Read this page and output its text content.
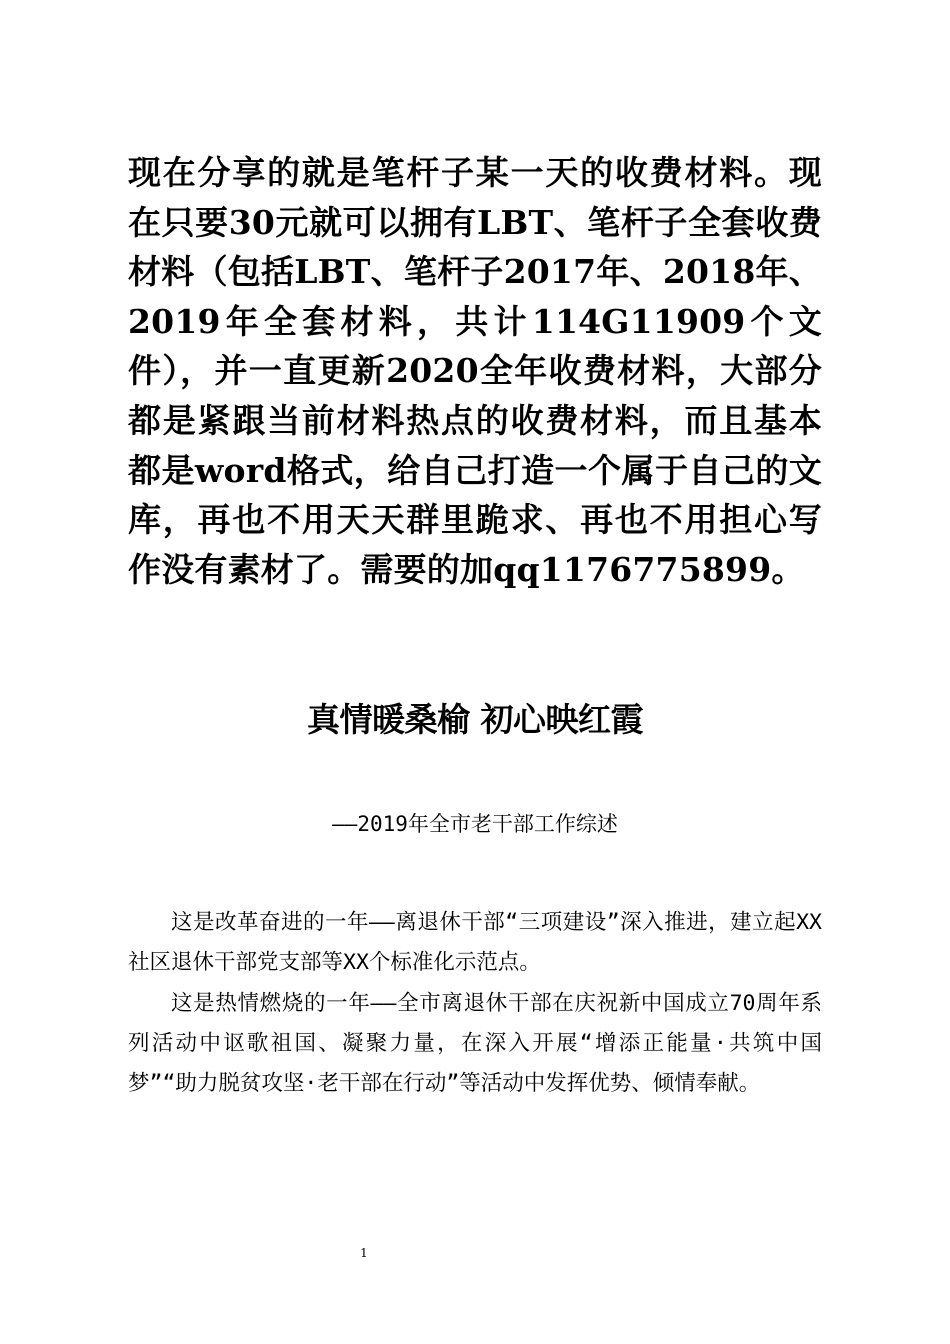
现在分享的就是笔杆子某一天的收费材料。现在只要30元就可以拥有LBT、笔杆子全套收费材料（包括LBT、笔杆子2017年、2018年、2019年全套材料，共计114G11909个文件），并一直更新2020全年收费材料，大部分都是紧跟当前材料热点的收费材料，而且基本都是word格式，给自己打造一个属于自己的文库，再也不用天天群里跪求、再也不用担心写作没有素材了。需要的加qq1176775899。

真情暖桑榆 初心映红霞

——2019年全市老干部工作综述

这是改革奋进的一年——离退休干部“三项建设”深入推进，建立起XX社区退休干部党支部等XX个标准化示范点。

这是热情燃烧的一年——全市离退休干部在庆祝新中国成立70周年系列活动中讴歌祖国、凝聚力量，在深入开展“增添正能量·共筑中国梦”“助力脱贫攻坚·老干部在行动”等活动中发挥优势、倾情奉献。

1
